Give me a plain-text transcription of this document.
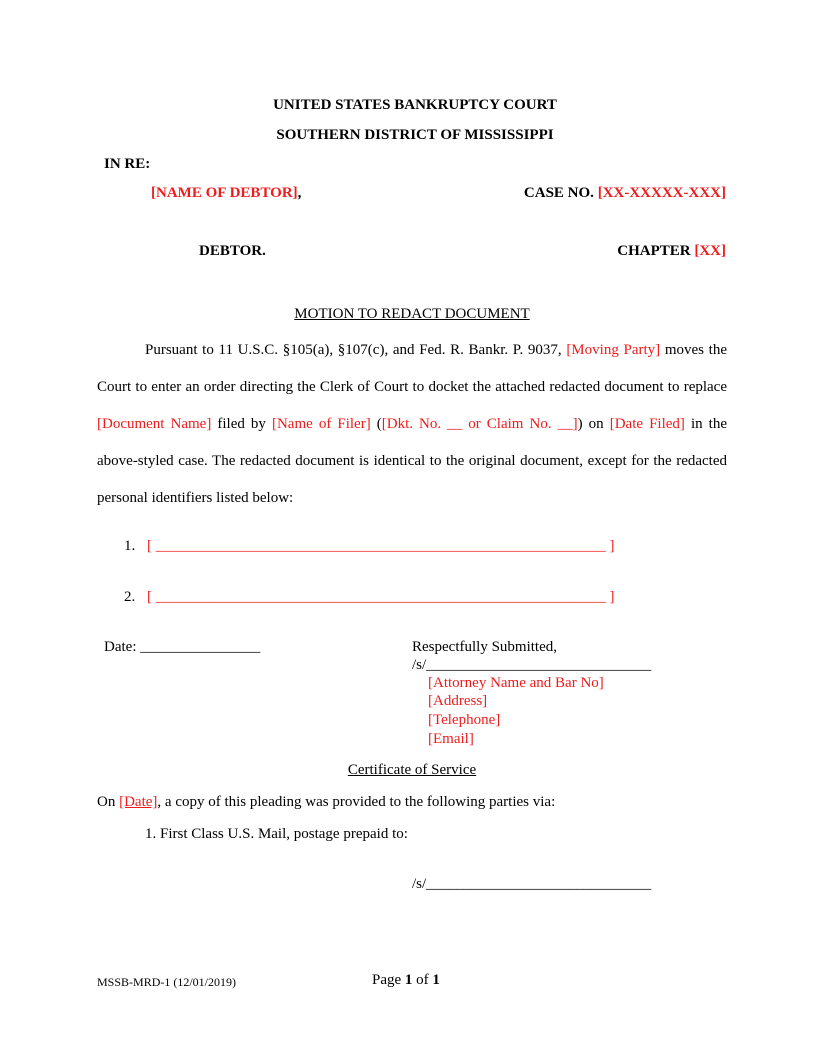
UNITED STATES BANKRUPTCY COURT
SOUTHERN DISTRICT OF MISSISSIPPI
IN RE:
[NAME OF DEBTOR],	CASE NO. [XX-XXXXX-XXX]
DEBTOR.	CHAPTER [XX]
MOTION TO REDACT DOCUMENT
Pursuant to 11 U.S.C. §105(a), §107(c), and Fed. R. Bankr. P. 9037, [Moving Party] moves the Court to enter an order directing the Clerk of Court to docket the attached redacted document to replace [Document Name] filed by [Name of Filer] ([Dkt. No. __ or Claim No. __]) on [Date Filed] in the above-styled case. The redacted document is identical to the original document, except for the redacted personal identifiers listed below:
1. [ ____________________________________________________________ ]
2. [ ____________________________________________________________ ]
Date: ________________	Respectfully Submitted,
/s/______________________________
[Attorney Name and Bar No]
[Address]
[Telephone]
[Email]
Certificate of Service
On [Date], a copy of this pleading was provided to the following parties via:
1. First Class U.S. Mail, postage prepaid to:
/s/______________________________
MSSB-MRD-1 (12/01/2019)	Page 1 of 1
